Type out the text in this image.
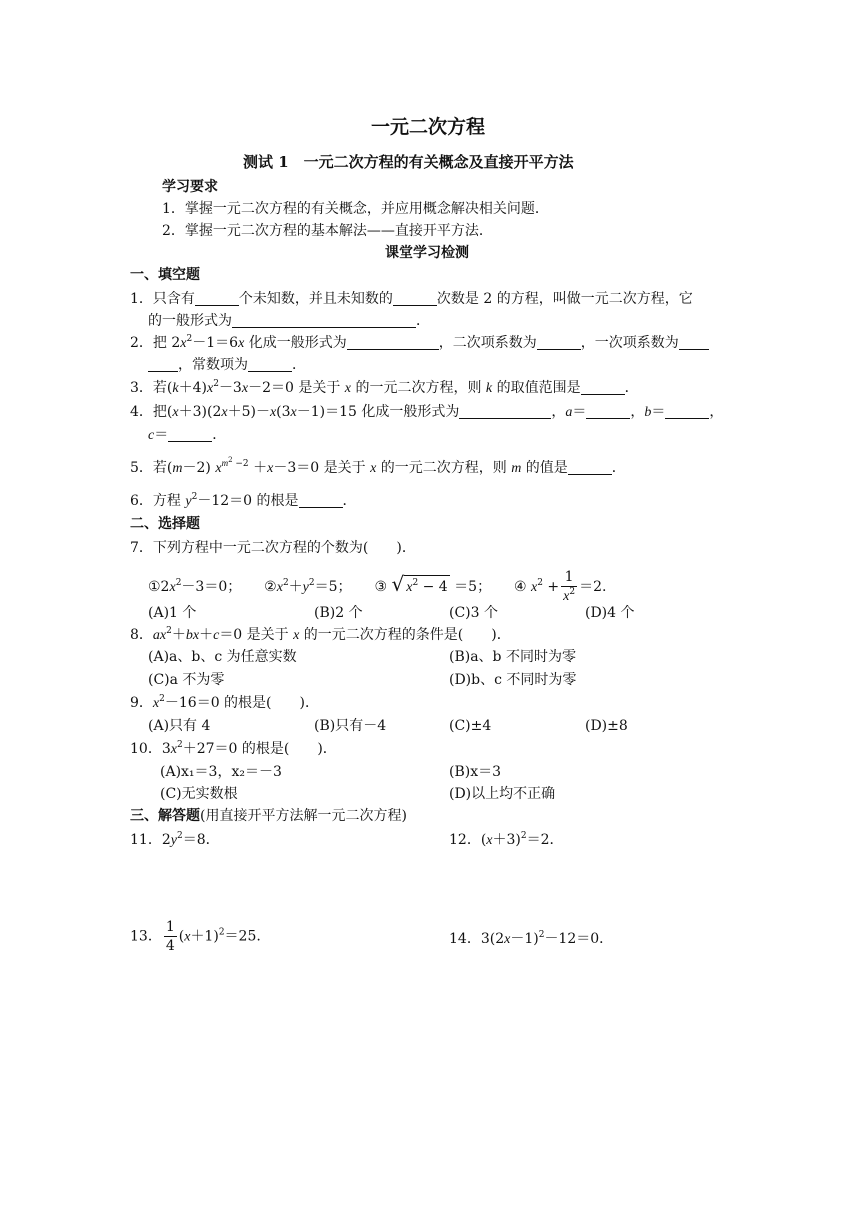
一元二次方程
测试 1　一元二次方程的有关概念及直接开平方法
学习要求
1．掌握一元二次方程的有关概念，并应用概念解决相关问题．
2．掌握一元二次方程的基本解法——直接开平方法．
课堂学习检测
一、填空题
1．只含有	个未知数，并且未知数的	次数是 2 的方程，叫做一元二次方程，它
的一般形式为	．
2．把 $2x^2-1=6x$ 化成一般形式为	，二次项系数为	，一次项系数为
，常数项为	．
3．若$(k+4)x^2-3x-2=0$ 是关于 x 的一元二次方程，则 k 的取值范围是	．
4．把(x＋3)(2x＋5)－x(3x－1)＝15 化成一般形式为	，a＝	，b＝	，
c＝	．
5．若(m－2) $x^{m^2 -2} +x-3=0$ 是关于 x 的一元二次方程，则 m 的值是	．
6．方程 $y^2-12=0$ 的根是	．
二、选择题
7．下列方程中一元二次方程的个数为(　　)．
$①2x^2-3=0$； $②x^2+y^2=5$； ③ √ $x^2 - 4 =5$； ④ $x^2 + \frac{1}{x^2} =2$.
(A)1 个	(B)2 个	(C)3 个	(D)4 个
8．$ax^2+bx+c=0$ 是关于 x 的一元二次方程的条件是(　　)．
(A)a、b、c 为任意实数	(B)a、b 不同时为零
(C)a 不为零	(D)b、c 不同时为零
9．$x^2-16=0$ 的根是(　　)．
(A)只有 4	(B)只有－4	(C)±4	(D)±8
10．$3x^2+27=0$ 的根是(　　)．
(A)x₁＝3，x₂＝－3	(B)x＝3
(C)无实数根	(D)以上均不正确
三、解答题(用直接开平方法解一元二次方程)
11．$2y^2=8$．	12．$(x+3)^2=2$．
13． $\frac{1}{4} (x+1)^2=25$.	14．$3(2x-1)^2-12=0$．
